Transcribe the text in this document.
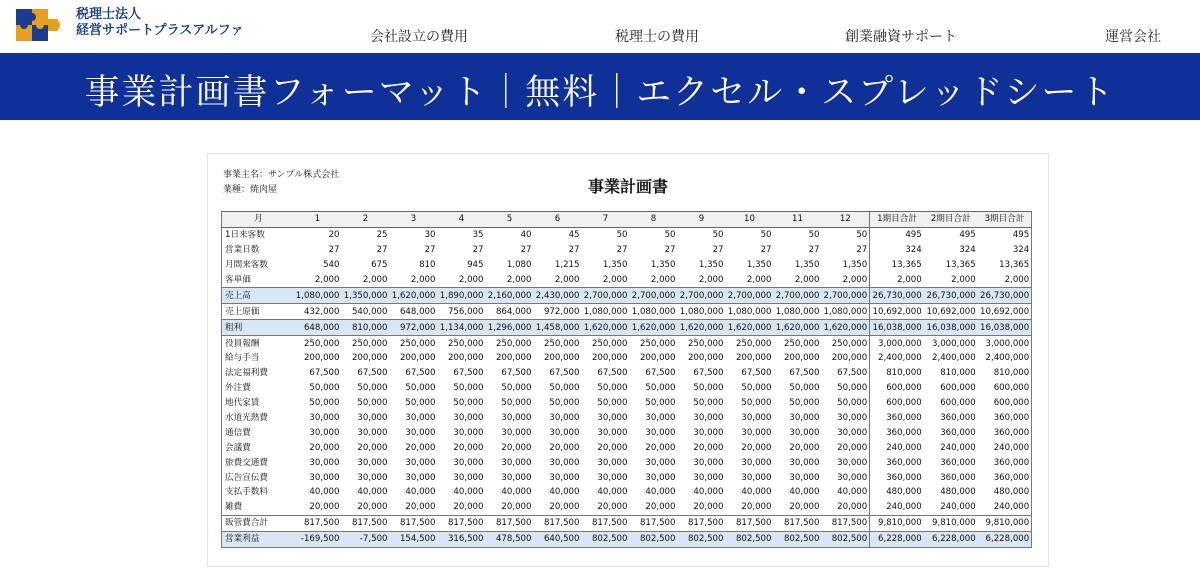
税理士法人
経営サポートプラスアルファ	会社設立の費用	税理士の費用	創業融資サポート	運営会社
事業計画書フォーマット｜無料｜エクセル・スプレッドシート
事業主名：サンプル株式会社
業種：焼肉屋	事業計画書
月	1	2	3	4	5	6	7	8	9	10	11	12	1期目合計	2期目合計	3期目合計
1日来客数	20	25	30	35	40	45	50	50	50	50	50	50	495	495	495
営業日数	27	27	27	27	27	27	27	27	27	27	27	27	324	324	324
月間来客数	540	675	810	945	1,080	1,215	1,350	1,350	1,350	1,350	1,350	1,350	13,365	13,365	13,365
客単価	2,000	2,000	2,000	2,000	2,000	2,000	2,000	2,000	2,000	2,000	2,000	2,000	2,000	2,000	2,000
売上高	1,080,000	1,350,000	1,620,000	1,890,000	2,160,000	2,430,000	2,700,000	2,700,000	2,700,000	2,700,000	2,700,000	2,700,000	26,730,000	26,730,000	26,730,000
売上原価	432,000	540,000	648,000	756,000	864,000	972,000	1,080,000	1,080,000	1,080,000	1,080,000	1,080,000	1,080,000	10,692,000	10,692,000	10,692,000
粗利	648,000	810,000	972,000	1,134,000	1,296,000	1,458,000	1,620,000	1,620,000	1,620,000	1,620,000	1,620,000	1,620,000	16,038,000	16,038,000	16,038,000
役員報酬	250,000	250,000	250,000	250,000	250,000	250,000	250,000	250,000	250,000	250,000	250,000	250,000	3,000,000	3,000,000	3,000,000
給与手当	200,000	200,000	200,000	200,000	200,000	200,000	200,000	200,000	200,000	200,000	200,000	200,000	2,400,000	2,400,000	2,400,000
法定福利費	67,500	67,500	67,500	67,500	67,500	67,500	67,500	67,500	67,500	67,500	67,500	67,500	810,000	810,000	810,000
外注費	50,000	50,000	50,000	50,000	50,000	50,000	50,000	50,000	50,000	50,000	50,000	50,000	600,000	600,000	600,000
地代家賃	50,000	50,000	50,000	50,000	50,000	50,000	50,000	50,000	50,000	50,000	50,000	50,000	600,000	600,000	600,000
水道光熱費	30,000	30,000	30,000	30,000	30,000	30,000	30,000	30,000	30,000	30,000	30,000	30,000	360,000	360,000	360,000
通信費	30,000	30,000	30,000	30,000	30,000	30,000	30,000	30,000	30,000	30,000	30,000	30,000	360,000	360,000	360,000
会議費	20,000	20,000	20,000	20,000	20,000	20,000	20,000	20,000	20,000	20,000	20,000	20,000	240,000	240,000	240,000
旅費交通費	30,000	30,000	30,000	30,000	30,000	30,000	30,000	30,000	30,000	30,000	30,000	30,000	360,000	360,000	360,000
広告宣伝費	30,000	30,000	30,000	30,000	30,000	30,000	30,000	30,000	30,000	30,000	30,000	30,000	360,000	360,000	360,000
支払手数料	40,000	40,000	40,000	40,000	40,000	40,000	40,000	40,000	40,000	40,000	40,000	40,000	480,000	480,000	480,000
雑費	20,000	20,000	20,000	20,000	20,000	20,000	20,000	20,000	20,000	20,000	20,000	20,000	240,000	240,000	240,000
販管費合計	817,500	817,500	817,500	817,500	817,500	817,500	817,500	817,500	817,500	817,500	817,500	817,500	9,810,000	9,810,000	9,810,000
営業利益	-169,500	-7,500	154,500	316,500	478,500	640,500	802,500	802,500	802,500	802,500	802,500	802,500	6,228,000	6,228,000	6,228,000
